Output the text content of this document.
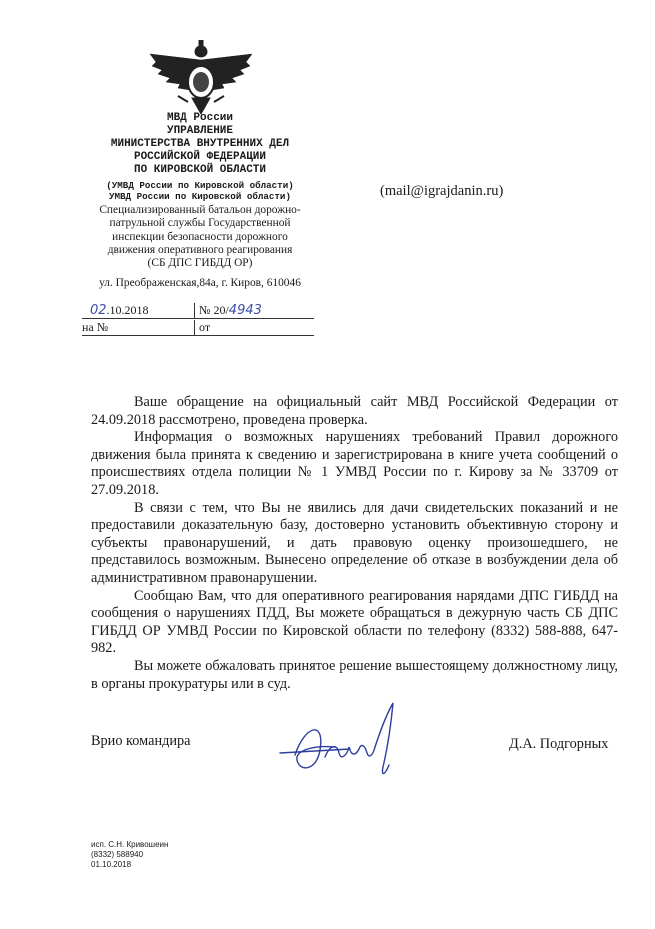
МВД России
УПРАВЛЕНИЕ
МИНИСТЕРСТВА ВНУТРЕННИХ ДЕЛ
РОССИЙСКОЙ ФЕДЕРАЦИИ
ПО КИРОВСКОЙ ОБЛАСТИ
(УМВД России по Кировской области)
УМВД России по Кировской области)
Специализированный батальон дорожно-
патрульной службы Государственной
инспекции безопасности дорожного
движения оперативного реагирования
(СБ ДПС ГИБДД ОР)
ул. Преображенская,84а, г. Киров, 610046
02.10.2018	№ 20/4943
на №	от
(mail@igrajdanin.ru)

Ваше обращение на официальный сайт МВД Российской Федерации от 24.09.2018 рассмотрено, проведена проверка.

Информация о возможных нарушениях требований Правил дорожного движения была принята к сведению и зарегистрирована в книге учета сообщений о происшествиях отдела полиции № 1 УМВД России по г. Кирову за № 33709 от 27.09.2018.

В связи с тем, что Вы не явились для дачи свидетельских показаний и не предоставили доказательную базу, достоверно установить объективную сторону и субъекты правонарушений, и дать правовую оценку произошедшего, не представилось возможным. Вынесено определение об отказе в возбуждении дела об административном правонарушении.

Сообщаю Вам, что для оперативного реагирования нарядами ДПС ГИБДД на сообщения о нарушениях ПДД, Вы можете обращаться в дежурную часть СБ ДПС ГИБДД ОР УМВД России по Кировской области по телефону (8332) 588-888, 647-982.

Вы можете обжаловать принятое решение вышестоящему должностному лицу, в органы прокуратуры или в суд.

Врио командира	Д.А. Подгорных
исп. С.Н. Кривошеин
(8332) 588940
01.10.2018
